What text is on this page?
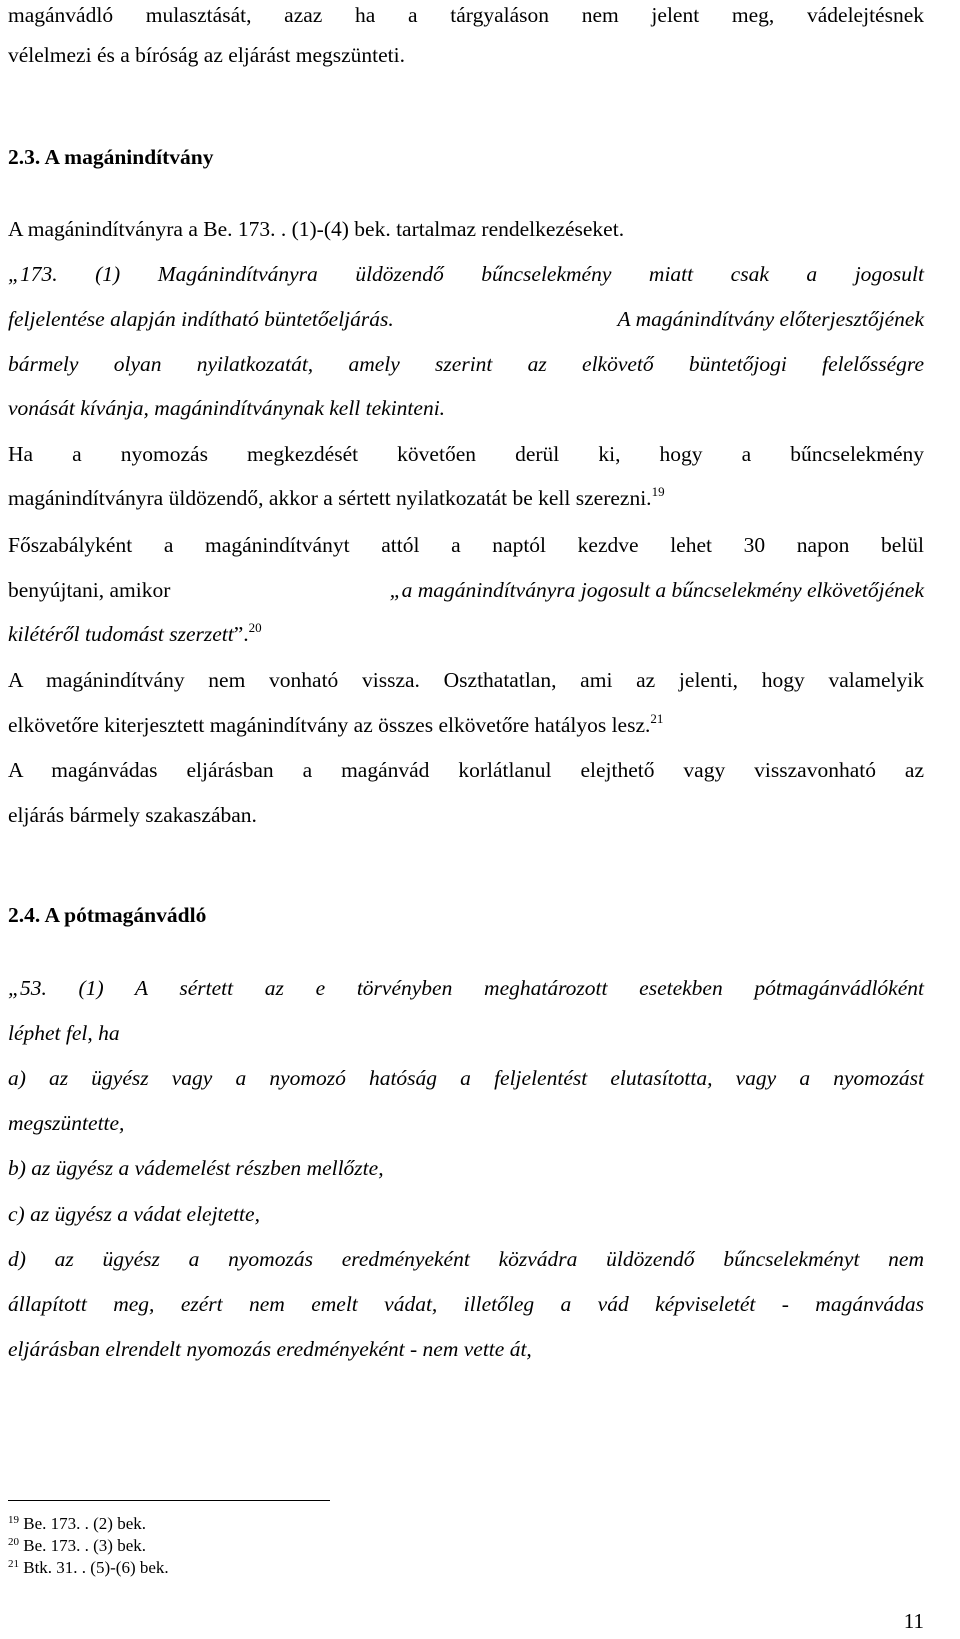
magánvádló mulasztását, azaz ha a tárgyaláson nem jelent meg, vádelejtésnek
vélelmezi és a bíróság az eljárást megszünteti.
2.3. A magánindítvány
A magánindítványra a Be. 173. . (1)-(4) bek. tartalmaz rendelkezéseket.
„173. (1) Magánindítványra üldözendő bűncselekmény miatt csak a jogosult
feljelentése alapján indítható büntetőeljárás.	A magánindítvány előterjesztőjének
bármely olyan nyilatkozatát, amely szerint az elkövető büntetőjogi felelősségre
vonását kívánja, magánindítványnak kell tekinteni.
Ha a nyomozás megkezdését követően derül ki, hogy a bűncselekmény
magánindítványra üldözendő, akkor a sértett nyilatkozatát be kell szerezni.$^{19}$
Főszabályként a magánindítványt attól a naptól kezdve lehet 30 napon belül
benyújtani, amikor	„a magánindítványra jogosult a bűncselekmény elkövetőjének
kilétéről tudomást szerzett”.$^{20}$
A magánindítvány nem vonható vissza. Oszthatatlan, ami az jelenti, hogy valamelyik
elkövetőre kiterjesztett magánindítvány az összes elkövetőre hatályos lesz.$^{21}$
A magánvádas eljárásban a magánvád korlátlanul elejthető vagy visszavonható az
eljárás bármely szakaszában.
2.4. A pótmagánvádló
„53. (1) A sértett az e törvényben meghatározott esetekben pótmagánvádlóként
léphet fel, ha
a) az ügyész vagy a nyomozó hatóság a feljelentést elutasította, vagy a nyomozást
megszüntette,
b) az ügyész a vádemelést részben mellőzte,
c) az ügyész a vádat elejtette,
d) az ügyész a nyomozás eredményeként közvádra üldözendő bűncselekményt nem
állapított meg, ezért nem emelt vádat, illetőleg a vád képviseletét - magánvádas
eljárásban elrendelt nyomozás eredményeként - nem vette át,
$^{19}$ Be. 173. . (2) bek.
$^{20}$ Be. 173. . (3) bek.
$^{21}$ Btk. 31. . (5)-(6) bek.
11
